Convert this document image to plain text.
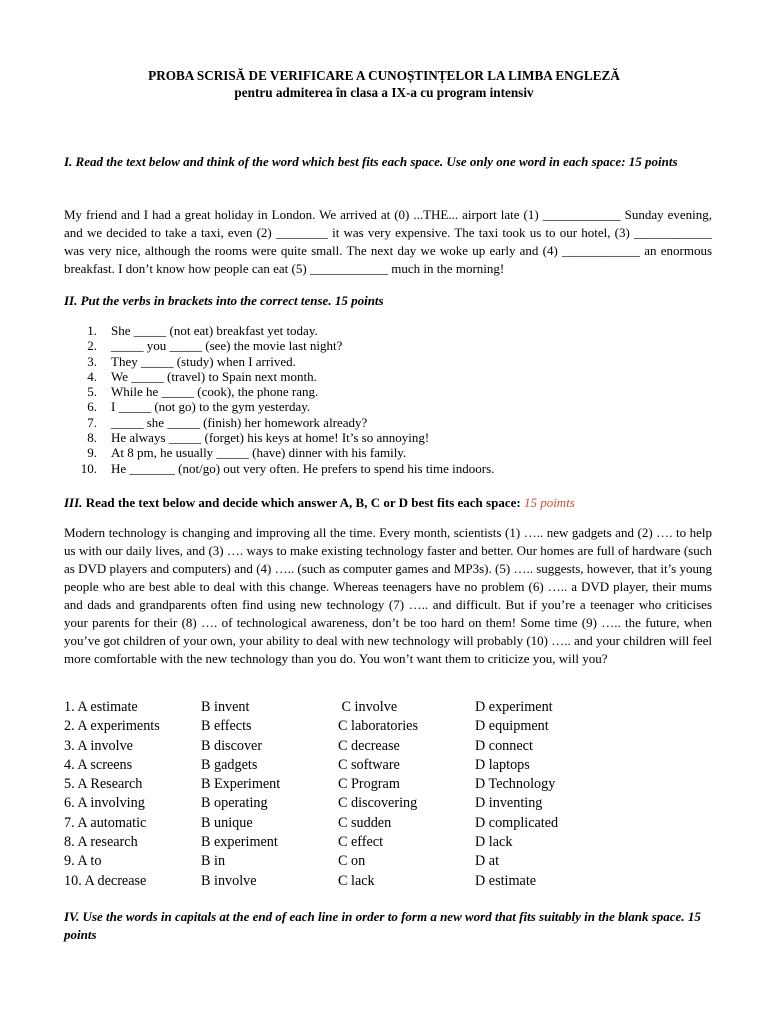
PROBA SCRISĂ DE VERIFICARE A CUNOȘTINȚELOR LA LIMBA ENGLEZĂ
pentru admiterea în clasa a IX-a cu program intensiv
I. Read the text below and think of the word which best fits each space. Use only one word in each space: 15 points

My friend and I had a great holiday in London. We arrived at (0) ...THE... airport late (1) ____________ Sunday evening, and we decided to take a taxi, even (2) ________ it was very expensive. The taxi took us to our hotel, (3) ____________ was very nice, although the rooms were quite small. The next day we woke up early and (4) ____________ an enormous breakfast. I don’t know how people can eat (5) ____________ much in the morning!

II. Put the verbs in brackets into the correct tense. 15 points
1. She _____ (not eat) breakfast yet today.
2. _____ you _____ (see) the movie last night?
3. They _____ (study) when I arrived.
4. We _____ (travel) to Spain next month.
5. While he _____ (cook), the phone rang.
6. I _____ (not go) to the gym yesterday.
7. _____ she _____ (finish) her homework already?
8. He always _____ (forget) his keys at home! It’s so annoying!
9. At 8 pm, he usually _____ (have) dinner with his family.
10. He _______ (not/go) out very often. He prefers to spend his time indoors.
III. Read the text below and decide which answer A, B, C or D best fits each space: 15 poimts

Modern technology is changing and improving all the time. Every month, scientists (1) ….. new gadgets and (2) …. to help us with our daily lives, and (3) …. ways to make existing technology faster and better. Our homes are full of hardware (such as DVD players and computers) and (4) ….. (such as computer games and MP3s). (5) ….. suggests, however, that it’s young people who are best able to deal with this change. Whereas teenagers have no problem (6) ….. a DVD player, their mums and dads and grandparents often find using new technology (7) ….. and difficult. But if you’re a teenager who criticises your parents for their (8) …. of technological awareness, don’t be too hard on them! Some time (9) ….. the future, when you’ve got children of your own, your ability to deal with new technology will probably (10) ….. and your children will feel more comfortable with the new technology than you do. You won’t want them to criticize you, will you?

1. A estimate	B invent	C involve	D experiment
2. A experiments	B effects	C laboratories	D equipment
3. A involve	B discover	C decrease	D connect
4. A screens	B gadgets	C software	D laptops
5. A Research	B Experiment	C Program	D Technology
6. A involving	B operating	C discovering	D inventing
7. A automatic	B unique	C sudden	D complicated
8. A research	B experiment	C effect	D lack
9. A to	B in	C on	D at
10. A decrease	B involve	C lack	D estimate
IV. Use the words in capitals at the end of each line in order to form a new word that fits suitably in the blank space. 15 points
